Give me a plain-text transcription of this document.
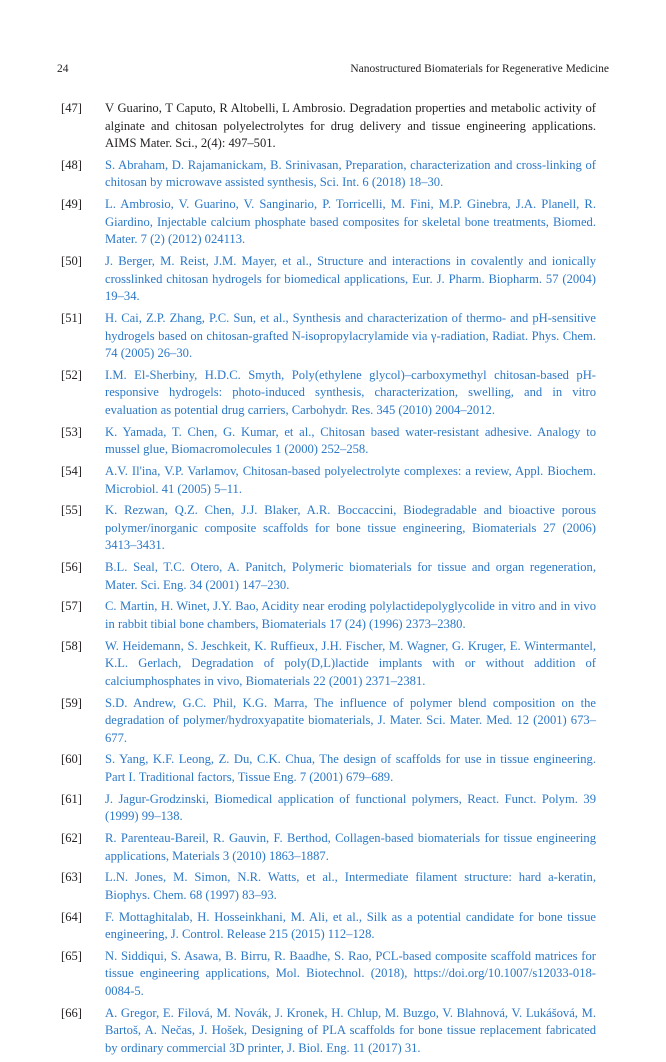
24	Nanostructured Biomaterials for Regenerative Medicine
[47] V Guarino, T Caputo, R Altobelli, L Ambrosio. Degradation properties and metabolic activity of alginate and chitosan polyelectrolytes for drug delivery and tissue engineering applications. AIMS Mater. Sci., 2(4): 497–501.
[48] S. Abraham, D. Rajamanickam, B. Srinivasan, Preparation, characterization and cross-linking of chitosan by microwave assisted synthesis, Sci. Int. 6 (2018) 18–30.
[49] L. Ambrosio, V. Guarino, V. Sanginario, P. Torricelli, M. Fini, M.P. Ginebra, J.A. Planell, R. Giardino, Injectable calcium phosphate based composites for skeletal bone treatments, Biomed. Mater. 7 (2) (2012) 024113.
[50] J. Berger, M. Reist, J.M. Mayer, et al., Structure and interactions in covalently and ionically crosslinked chitosan hydrogels for biomedical applications, Eur. J. Pharm. Biopharm. 57 (2004) 19–34.
[51] H. Cai, Z.P. Zhang, P.C. Sun, et al., Synthesis and characterization of thermo- and pH-sensitive hydrogels based on chitosan-grafted N-isopropylacrylamide via γ-radiation, Radiat. Phys. Chem. 74 (2005) 26–30.
[52] I.M. El-Sherbiny, H.D.C. Smyth, Poly(ethylene glycol)–carboxymethyl chitosan-based pH-responsive hydrogels: photo-induced synthesis, characterization, swelling, and in vitro evaluation as potential drug carriers, Carbohydr. Res. 345 (2010) 2004–2012.
[53] K. Yamada, T. Chen, G. Kumar, et al., Chitosan based water-resistant adhesive. Analogy to mussel glue, Biomacromolecules 1 (2000) 252–258.
[54] A.V. Il'ina, V.P. Varlamov, Chitosan-based polyelectrolyte complexes: a review, Appl. Biochem. Microbiol. 41 (2005) 5–11.
[55] K. Rezwan, Q.Z. Chen, J.J. Blaker, A.R. Boccaccini, Biodegradable and bioactive porous polymer/inorganic composite scaffolds for bone tissue engineering, Biomaterials 27 (2006) 3413–3431.
[56] B.L. Seal, T.C. Otero, A. Panitch, Polymeric biomaterials for tissue and organ regeneration, Mater. Sci. Eng. 34 (2001) 147–230.
[57] C. Martin, H. Winet, J.Y. Bao, Acidity near eroding polylactidepolyglycolide in vitro and in vivo in rabbit tibial bone chambers, Biomaterials 17 (24) (1996) 2373–2380.
[58] W. Heidemann, S. Jeschkeit, K. Ruffieux, J.H. Fischer, M. Wagner, G. Kruger, E. Wintermantel, K.L. Gerlach, Degradation of poly(D,L)lactide implants with or without addition of calciumphosphates in vivo, Biomaterials 22 (2001) 2371–2381.
[59] S.D. Andrew, G.C. Phil, K.G. Marra, The influence of polymer blend composition on the degradation of polymer/hydroxyapatite biomaterials, J. Mater. Sci. Mater. Med. 12 (2001) 673–677.
[60] S. Yang, K.F. Leong, Z. Du, C.K. Chua, The design of scaffolds for use in tissue engineering. Part I. Traditional factors, Tissue Eng. 7 (2001) 679–689.
[61] J. Jagur-Grodzinski, Biomedical application of functional polymers, React. Funct. Polym. 39 (1999) 99–138.
[62] R. Parenteau-Bareil, R. Gauvin, F. Berthod, Collagen-based biomaterials for tissue engineering applications, Materials 3 (2010) 1863–1887.
[63] L.N. Jones, M. Simon, N.R. Watts, et al., Intermediate filament structure: hard a-keratin, Biophys. Chem. 68 (1997) 83–93.
[64] F. Mottaghitalab, H. Hosseinkhani, M. Ali, et al., Silk as a potential candidate for bone tissue engineering, J. Control. Release 215 (2015) 112–128.
[65] N. Siddiqui, S. Asawa, B. Birru, R. Baadhe, S. Rao, PCL-based composite scaffold matrices for tissue engineering applications, Mol. Biotechnol. (2018), https://doi.org/10.1007/s12033-018-0084-5.
[66] A. Gregor, E. Filová, M. Novák, J. Kronek, H. Chlup, M. Buzgo, V. Blahnová, V. Lukášová, M. Bartoš, A. Nečas, J. Hošek, Designing of PLA scaffolds for bone tissue replacement fabricated by ordinary commercial 3D printer, J. Biol. Eng. 11 (2017) 31.
